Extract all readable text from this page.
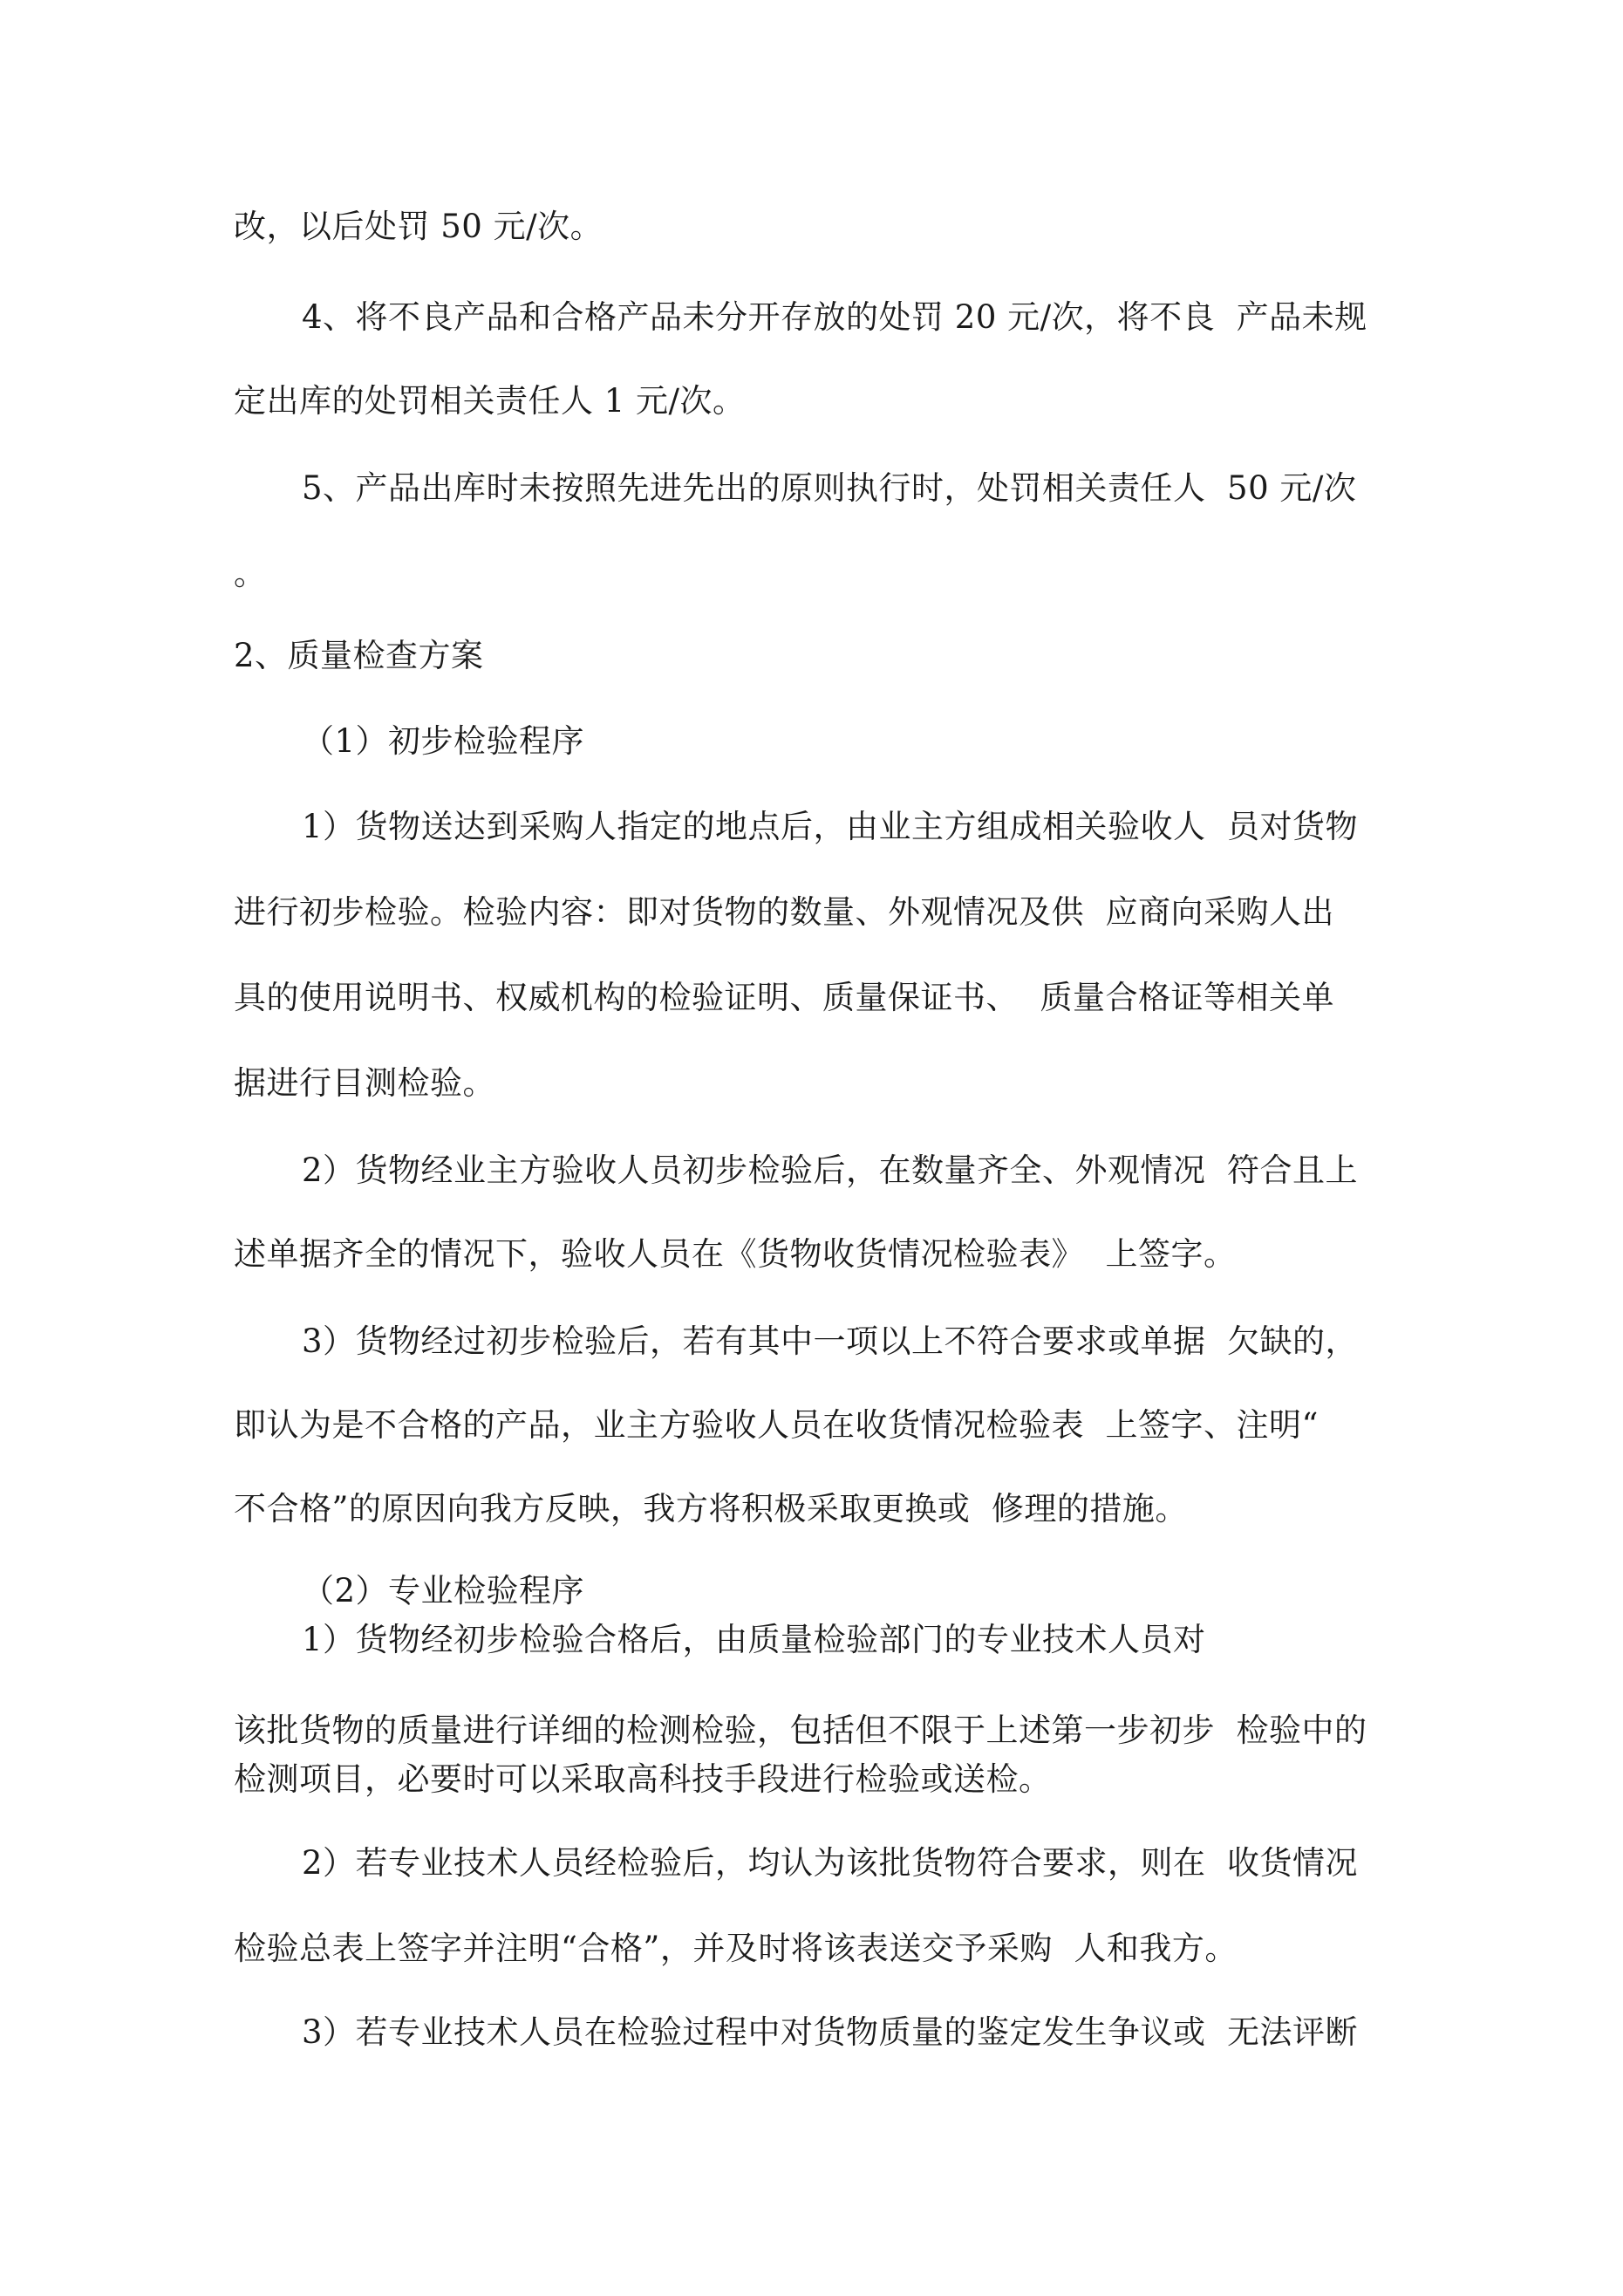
改，以后处罚 50 元/次。
4、将不良产品和合格产品未分开存放的处罚 20 元/次，将不良  产品未规
定出库的处罚相关责任人 1 元/次。
5、产品出库时未按照先进先出的原则执行时，处罚相关责任人  50 元/次
。
2、质量检查方案
（1）初步检验程序
1）货物送达到采购人指定的地点后，由业主方组成相关验收人  员对货物
进行初步检验。检验内容：即对货物的数量、外观情况及供  应商向采购人出
具的使用说明书、权威机构的检验证明、质量保证书、  质量合格证等相关单
据进行目测检验。
2）货物经业主方验收人员初步检验后，在数量齐全、外观情况  符合且上
述单据齐全的情况下，验收人员在《货物收货情况检验表》  上签字。
3）货物经过初步检验后，若有其中一项以上不符合要求或单据  欠缺的，
即认为是不合格的产品，业主方验收人员在收货情况检验表  上签字、注明“
不合格”的原因向我方反映，我方将积极采取更换或  修理的措施。
（2）专业检验程序
1）货物经初步检验合格后，由质量检验部门的专业技术人员对
该批货物的质量进行详细的检测检验，包括但不限于上述第一步初步  检验中的
检测项目，必要时可以采取高科技手段进行检验或送检。
2）若专业技术人员经检验后，均认为该批货物符合要求，则在  收货情况
检验总表上签字并注明“合格”，并及时将该表送交予采购  人和我方。
3）若专业技术人员在检验过程中对货物质量的鉴定发生争议或  无法评断
